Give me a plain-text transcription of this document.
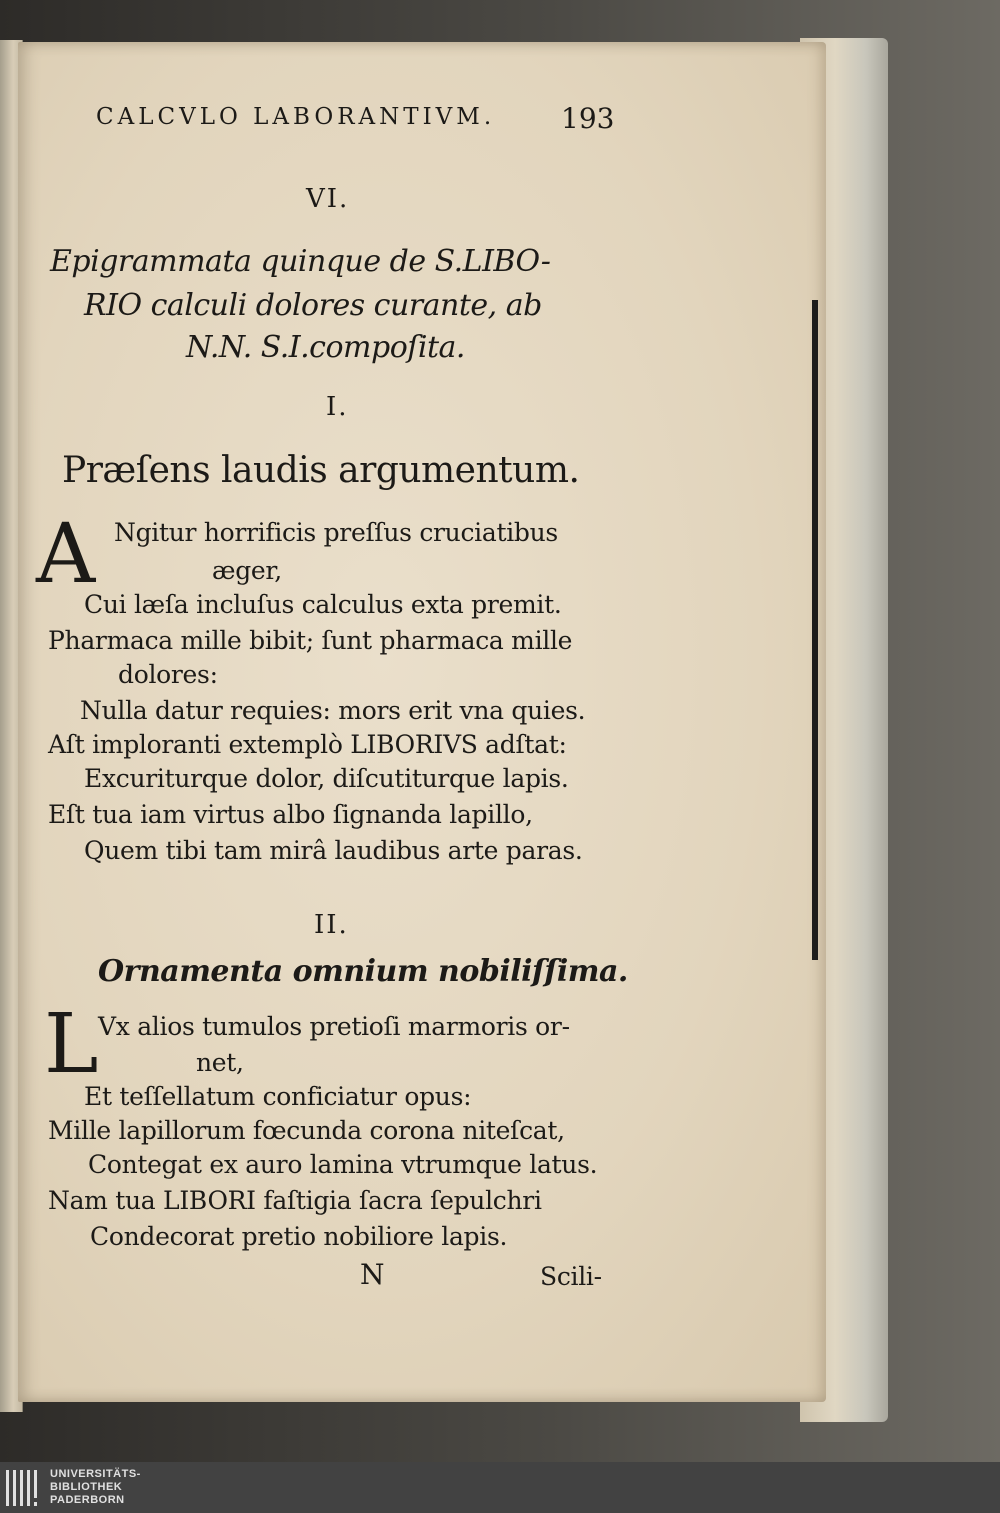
CALCVLO LABORANTIVM. 193
VI.
Epigrammata quinque de S.LIBO-
RIO calculi dolores curante, ab
N.N. S.I.compoſita.
I.
Præſens laudis argumentum.
A Ngitur horrificis preſſus cruciatibus
æger,
Cui læſa incluſus calculus exta premit.
Pharmaca mille bibit; ſunt pharmaca mille
dolores:
Nulla datur requies: mors erit vna quies.
Aſt imploranti extemplò LIBORIVS adſtat:
Excuriturque dolor, diſcutiturque lapis.
Eſt tua iam virtus albo ſignanda lapillo,
Quem tibi tam mirâ laudibus arte paras.
II.
Ornamenta omnium nobiliſſima.
L Vx alios tumulos pretioſi marmoris or-
net,
Et teſſellatum conficiatur opus:
Mille lapillorum fœcunda corona niteſcat,
Contegat ex auro lamina vtrumque latus.
Nam tua LIBORI faſtigia ſacra ſepulchri
Condecorat pretio nobiliore lapis.
N	Scili-
UNIVERSITÄTS-
BIBLIOTHEK
PADERBORN
